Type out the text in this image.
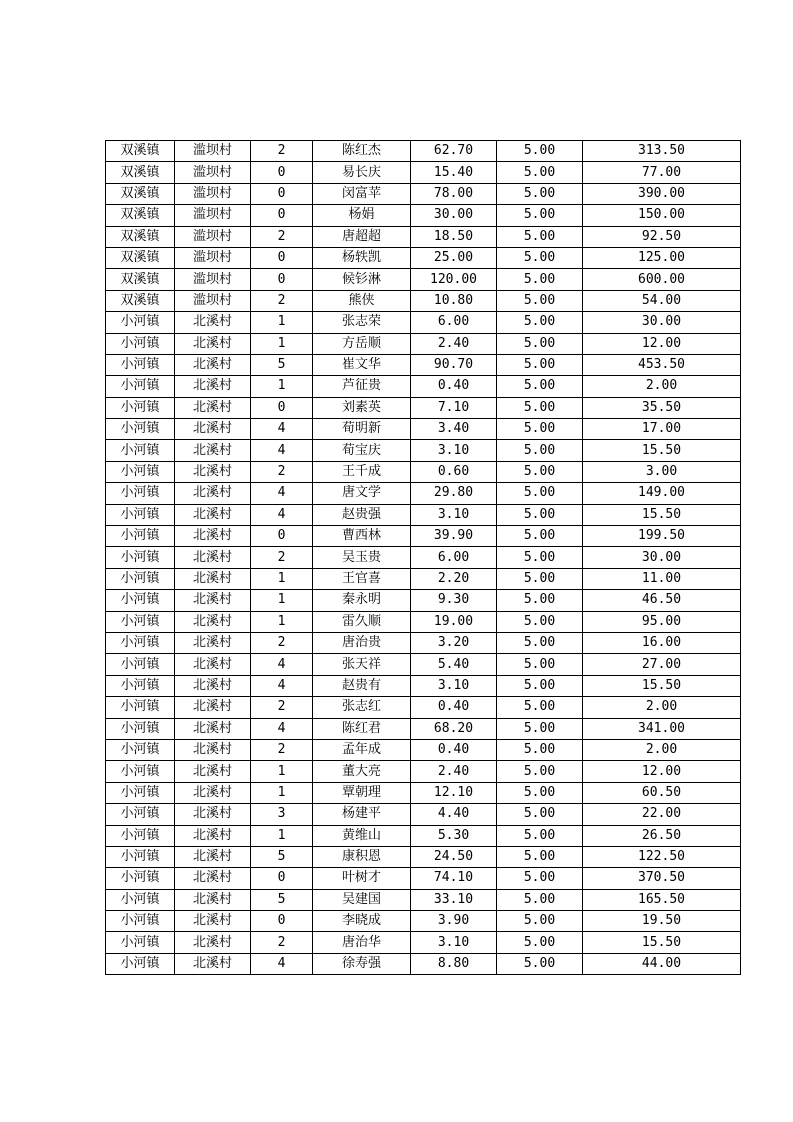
双溪镇	滥坝村	2	陈红杰	62.70	5.00	313.50
双溪镇	滥坝村	0	易长庆	15.40	5.00	77.00
双溪镇	滥坝村	0	闵富苹	78.00	5.00	390.00
双溪镇	滥坝村	0	杨娟	30.00	5.00	150.00
双溪镇	滥坝村	2	唐超超	18.50	5.00	92.50
双溪镇	滥坝村	0	杨轶凯	25.00	5.00	125.00
双溪镇	滥坝村	0	候钐淋	120.00	5.00	600.00
双溪镇	滥坝村	2	熊侠	10.80	5.00	54.00
小河镇	北溪村	1	张志荣	6.00	5.00	30.00
小河镇	北溪村	1	方岳顺	2.40	5.00	12.00
小河镇	北溪村	5	崔文华	90.70	5.00	453.50
小河镇	北溪村	1	芦征贵	0.40	5.00	2.00
小河镇	北溪村	0	刘素英	7.10	5.00	35.50
小河镇	北溪村	4	荀明新	3.40	5.00	17.00
小河镇	北溪村	4	荀宝庆	3.10	5.00	15.50
小河镇	北溪村	2	王千成	0.60	5.00	3.00
小河镇	北溪村	4	唐文学	29.80	5.00	149.00
小河镇	北溪村	4	赵贵强	3.10	5.00	15.50
小河镇	北溪村	0	曹西林	39.90	5.00	199.50
小河镇	北溪村	2	吴玉贵	6.00	5.00	30.00
小河镇	北溪村	1	王官喜	2.20	5.00	11.00
小河镇	北溪村	1	秦永明	9.30	5.00	46.50
小河镇	北溪村	1	雷久顺	19.00	5.00	95.00
小河镇	北溪村	2	唐治贵	3.20	5.00	16.00
小河镇	北溪村	4	张天祥	5.40	5.00	27.00
小河镇	北溪村	4	赵贵有	3.10	5.00	15.50
小河镇	北溪村	2	张志红	0.40	5.00	2.00
小河镇	北溪村	4	陈红君	68.20	5.00	341.00
小河镇	北溪村	2	孟年成	0.40	5.00	2.00
小河镇	北溪村	1	董大亮	2.40	5.00	12.00
小河镇	北溪村	1	覃朝理	12.10	5.00	60.50
小河镇	北溪村	3	杨建平	4.40	5.00	22.00
小河镇	北溪村	1	黄维山	5.30	5.00	26.50
小河镇	北溪村	5	康积恩	24.50	5.00	122.50
小河镇	北溪村	0	叶树才	74.10	5.00	370.50
小河镇	北溪村	5	吴建国	33.10	5.00	165.50
小河镇	北溪村	0	李晓成	3.90	5.00	19.50
小河镇	北溪村	2	唐治华	3.10	5.00	15.50
小河镇	北溪村	4	徐寿强	8.80	5.00	44.00
